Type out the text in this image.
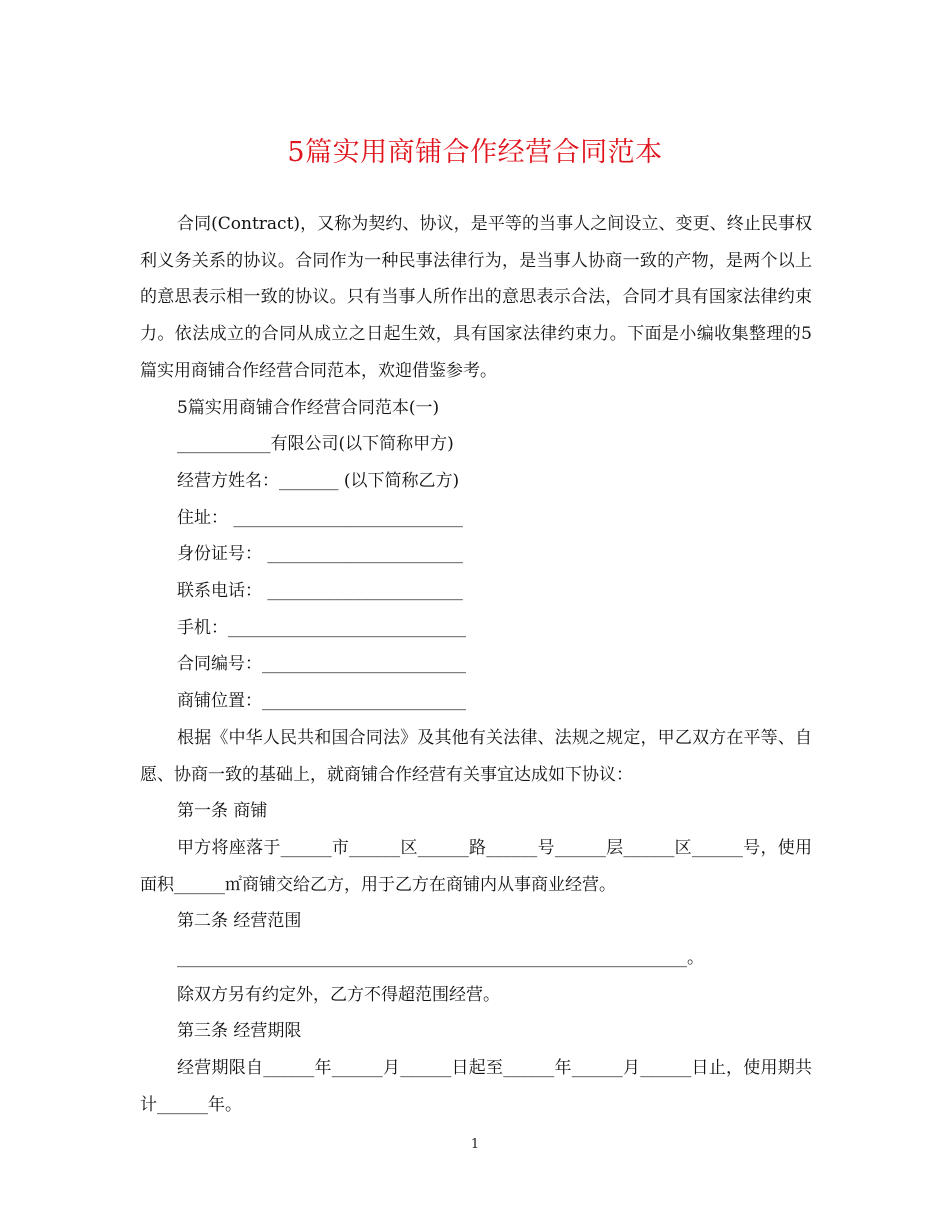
5篇实用商铺合作经营合同范本

合同(Contract)，又称为契约、协议，是平等的当事人之间设立、变更、终止民事权利义务关系的协议。合同作为一种民事法律行为，是当事人协商一致的产物，是两个以上的意思表示相一致的协议。只有当事人所作出的意思表示合法，合同才具有国家法律约束力。依法成立的合同从成立之日起生效，具有国家法律约束力。下面是小编收集整理的5篇实用商铺合作经营合同范本，欢迎借鉴参考。

5篇实用商铺合作经营合同范本(一)

___________有限公司(以下简称甲方)

经营方姓名：_______ (以下简称乙方)

住址： ___________________________

身份证号： _______________________

联系电话： _______________________

手机：____________________________

合同编号：________________________

商铺位置：________________________

根据《中华人民共和国合同法》及其他有关法律、法规之规定，甲乙双方在平等、自愿、协商一致的基础上，就商铺合作经营有关事宜达成如下协议：

第一条 商铺

甲方将座落于______市______区______路______号______层______区______号，使用面积______㎡商铺交给乙方，用于乙方在商铺内从事商业经营。

第二条 经营范围

____________________________________________________________。

除双方另有约定外，乙方不得超范围经营。

第三条 经营期限

经营期限自______年______月______日起至______年______月______日止，使用期共计______年。

1
